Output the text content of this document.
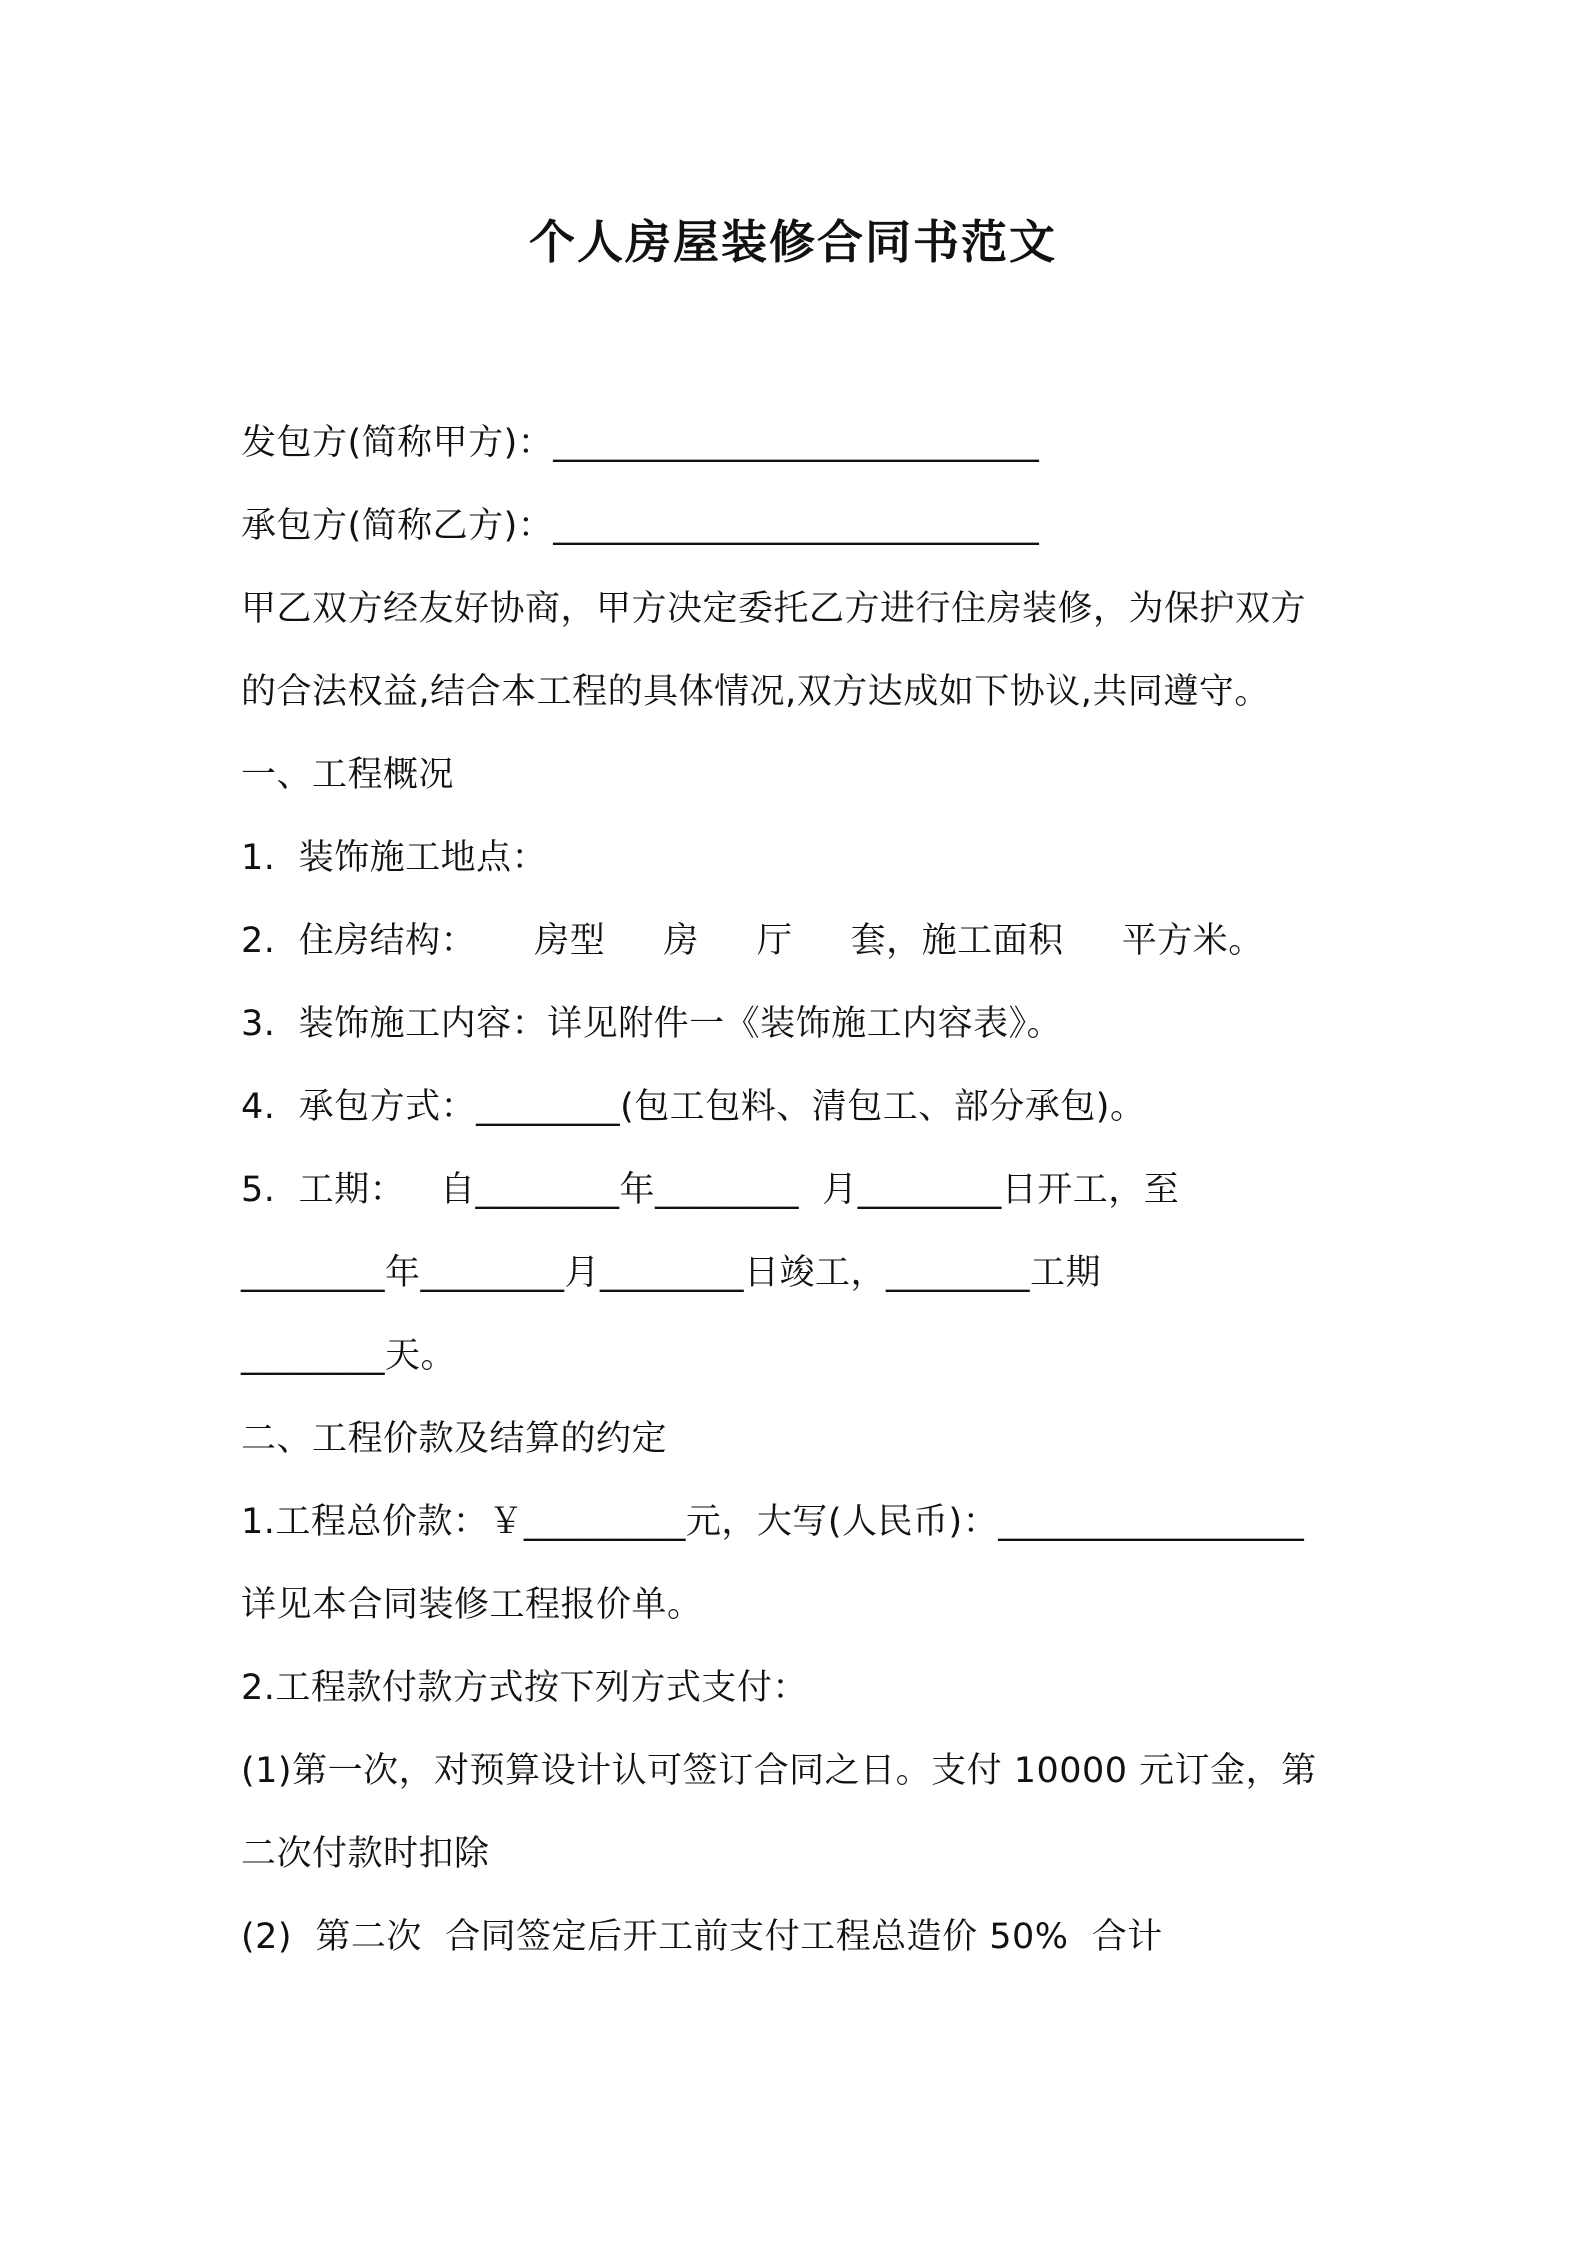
个人房屋装修合同书范文
发包方(简称甲方)：___________________________
承包方(简称乙方)：___________________________
甲乙双方经友好协商，甲方决定委托乙方进行住房装修，为保护双方
的合法权益,结合本工程的具体情况,双方达成如下协议,共同遵守。
一、工程概况
1.  装饰施工地点：
2.  住房结构：     房型     房     厅     套，施工面积     平方米。
3.  装饰施工内容：详见附件一《装饰施工内容表》。
4.  承包方式：________(包工包料、清包工、部分承包)。
5.  工期：   自________年________  月________日开工，至
________年________月________日竣工，________工期
________天。
二、工程价款及结算的约定
1.工程总价款：￥_________元，大写(人民币)：_________________
详见本合同装修工程报价单。
2.工程款付款方式按下列方式支付：
(1)第一次，对预算设计认可签订合同之日。支付 10000 元订金，第
二次付款时扣除
(2)  第二次  合同签定后开工前支付工程总造价 50%  合计
